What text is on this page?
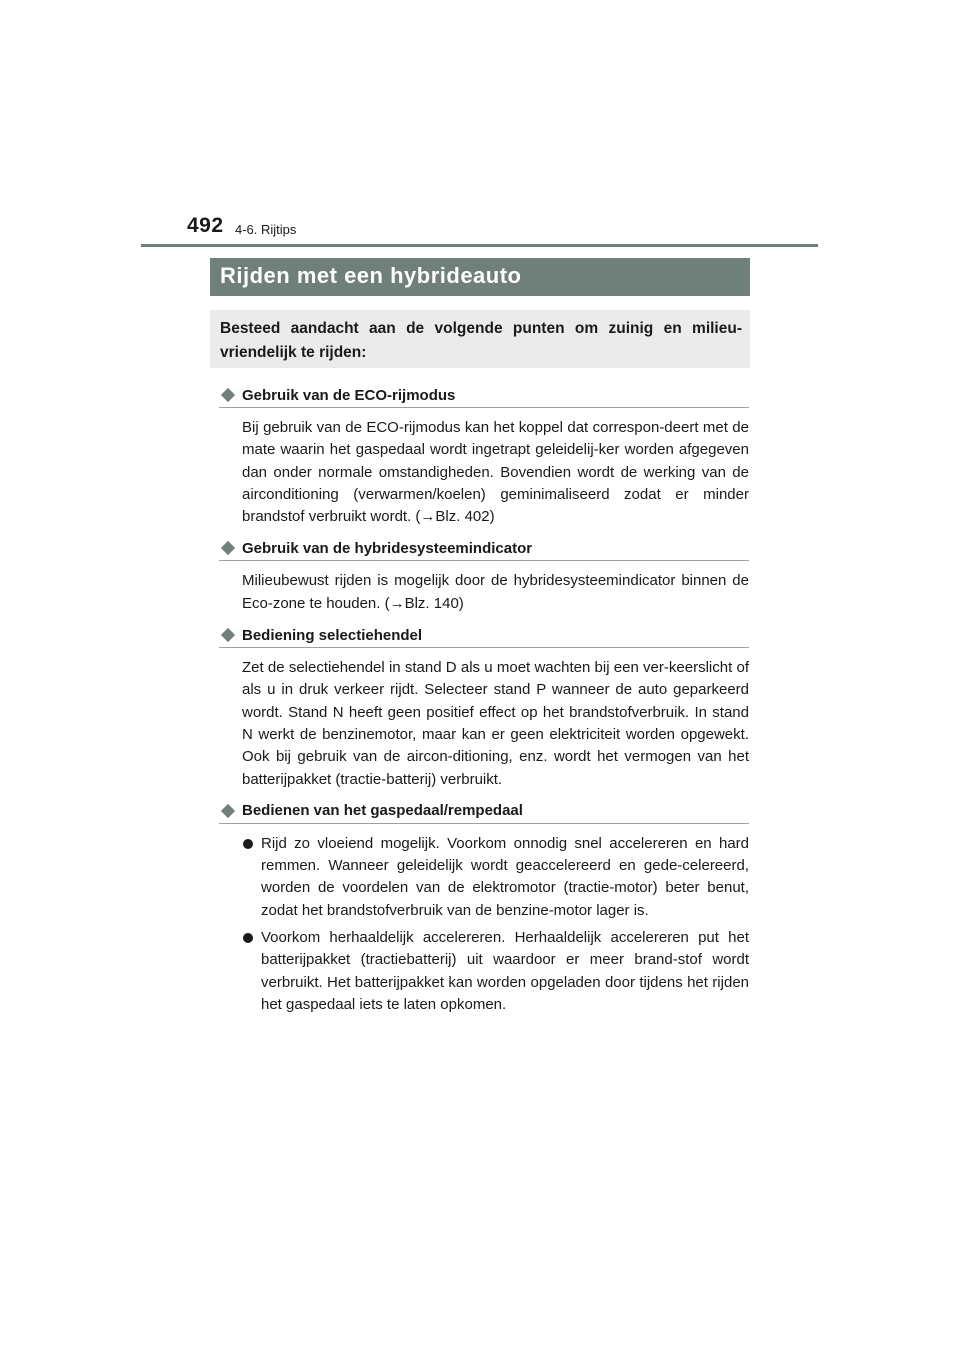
492 4-6. Rijtips
Rijden met een hybrideauto

Besteed aandacht aan de volgende punten om zuinig en milieu-vriendelijk te rijden:

Gebruik van de ECO-rijmodus

Bij gebruik van de ECO-rijmodus kan het koppel dat correspon-deert met de mate waarin het gaspedaal wordt ingetrapt geleidelij-ker worden afgegeven dan onder normale omstandigheden. Bovendien wordt de werking van de airconditioning (verwarmen/koelen) geminimaliseerd zodat er minder brandstof verbruikt wordt. (→Blz. 402)

Gebruik van de hybridesysteemindicator

Milieubewust rijden is mogelijk door de hybridesysteemindicator binnen de Eco-zone te houden. (→Blz. 140)

Bediening selectiehendel

Zet de selectiehendel in stand D als u moet wachten bij een ver-keerslicht of als u in druk verkeer rijdt. Selecteer stand P wanneer de auto geparkeerd wordt. Stand N heeft geen positief effect op het brandstofverbruik. In stand N werkt de benzinemotor, maar kan er geen elektriciteit worden opgewekt. Ook bij gebruik van de aircon-ditioning, enz. wordt het vermogen van het batterijpakket (tractie-batterij) verbruikt.

Bedienen van het gaspedaal/rempedaal
Rijd zo vloeiend mogelijk. Voorkom onnodig snel accelereren en hard remmen. Wanneer geleidelijk wordt geaccelereerd en gede-celereerd, worden de voordelen van de elektromotor (tractie-motor) beter benut, zodat het brandstofverbruik van de benzine-motor lager is.
Voorkom herhaaldelijk accelereren. Herhaaldelijk accelereren put het batterijpakket (tractiebatterij) uit waardoor er meer brand-stof wordt verbruikt. Het batterijpakket kan worden opgeladen door tijdens het rijden het gaspedaal iets te laten opkomen.
